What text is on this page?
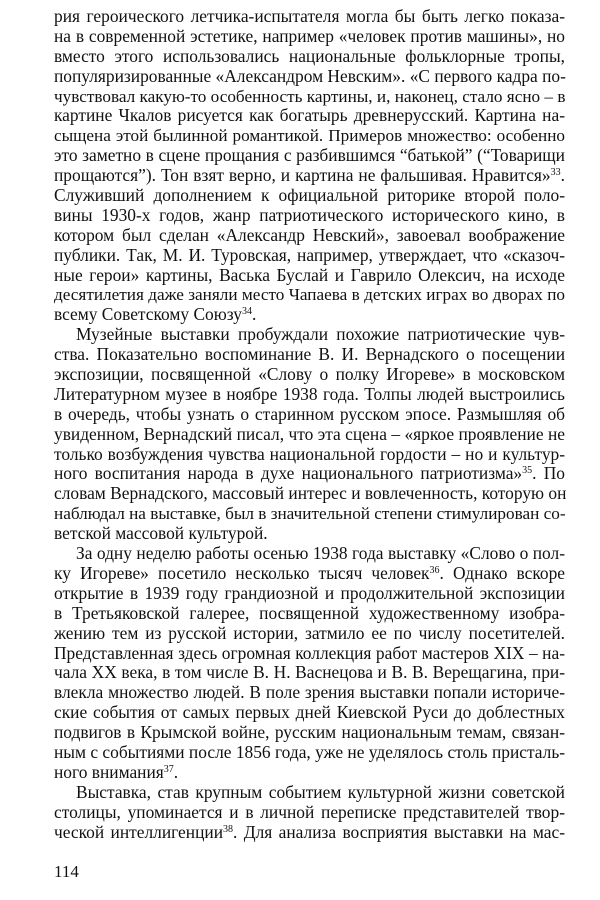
рия героического летчика-испытателя могла бы быть легко показа-
на в современной эстетике, например «человек против машины», но
вместо этого использовались национальные фольклорные тропы,
популяризированные «Александром Невским». «С первого кадра по-
чувствовал какую-то особенность картины, и, наконец, стало ясно – в
картине Чкалов рисуется как богатырь древнерусский. Картина на-
сыщена этой былинной романтикой. Примеров множество: особенно
это заметно в сцене прощания с разбившимся “батькой” (“Товарищи
прощаются”). Тон взят верно, и картина не фальшивая. Нравится»$^{33}$.
Служивший дополнением к официальной риторике второй поло-
вины 1930-х годов, жанр патриотического исторического кино, в
котором был сделан «Александр Невский», завоевал воображение
публики. Так, М. И. Туровская, например, утверждает, что «сказоч-
ные герои» картины, Васька Буслай и Гаврило Олексич, на исходе
десятилетия даже заняли место Чапаева в детских играх во дворах по
всему Советскому Союзу$^{34}$.
Музейные выставки пробуждали похожие патриотические чув-
ства. Показательно воспоминание В. И. Вернадского о посещении
экспозиции, посвященной «Слову о полку Игореве» в московском
Литературном музее в ноябре 1938 года. Толпы людей выстроились
в очередь, чтобы узнать о старинном русском эпосе. Размышляя об
увиденном, Вернадский писал, что эта сцена – «яркое проявление не
только возбуждения чувства национальной гордости – но и культур-
ного воспитания народа в духе национального патриотизма»$^{35}$. По
словам Вернадского, массовый интерес и вовлеченность, которую он
наблюдал на выставке, был в значительной степени стимулирован со-
ветской массовой культурой.
За одну неделю работы осенью 1938 года выставку «Слово о пол-
ку Игореве» посетило несколько тысяч человек$^{36}$. Однако вскоре
открытие в 1939 году грандиозной и продолжительной экспозиции
в Третьяковской галерее, посвященной художественному изобра-
жению тем из русской истории, затмило ее по числу посетителей.
Представленная здесь огромная коллекция работ мастеров XIX – на-
чала XX века, в том числе В. Н. Васнецова и В. В. Верещагина, при-
влекла множество людей. В поле зрения выставки попали историче-
ские события от самых первых дней Киевской Руси до доблестных
подвигов в Крымской войне, русским национальным темам, связан-
ным с событиями после 1856 года, уже не уделялось столь присталь-
ного внимания$^{37}$.
Выставка, став крупным событием культурной жизни советской
столицы, упоминается и в личной переписке представителей твор-
ческой интеллигенции$^{38}$. Для анализа восприятия выставки на мас-
114
